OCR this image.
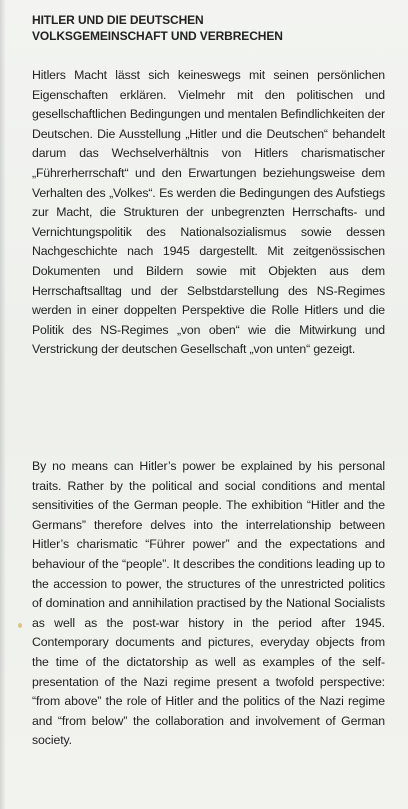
HITLER UND DIE DEUTSCHEN
VOLKSGEMEINSCHAFT UND VERBRECHEN

Hitlers Macht lässt sich keineswegs mit seinen persönlichen Eigenschaften erklären. Vielmehr mit den politischen und gesellschaftlichen Bedingungen und mentalen Befindlichkeiten der Deutschen. Die Ausstellung „Hitler und die Deutschen“ behandelt darum das Wechselverhältnis von Hitlers charismatischer „Führerherrschaft“ und den Erwartungen beziehungsweise dem Verhalten des „Volkes“. Es werden die Bedingungen des Aufstiegs zur Macht, die Strukturen der unbegrenzten Herrschafts- und Vernichtungspolitik des Nationalsozialismus sowie dessen Nachgeschichte nach 1945 dargestellt. Mit zeitgenössischen Dokumenten und Bildern sowie mit Objekten aus dem Herrschaftsalltag und der Selbstdarstellung des NS-Regimes werden in einer doppelten Perspektive die Rolle Hitlers und die Politik des NS-Regimes „von oben“ wie die Mitwirkung und Verstrickung der deutschen Gesellschaft „von unten“ gezeigt.

By no means can Hitler’s power be explained by his personal traits. Rather by the political and social conditions and mental sensitivities of the German people. The exhibition “Hitler and the Germans” therefore delves into the interrelationship between Hitler’s charismatic “Führer power” and the expectations and behaviour of the “people”. It describes the conditions leading up to the accession to power, the structures of the unrestricted politics of domination and annihilation practised by the National Socialists as well as the post-war history in the period after 1945. Contemporary documents and pictures, everyday objects from the time of the dictatorship as well as examples of the self-presentation of the Nazi regime present a twofold perspective: “from above” the role of Hitler and the politics of the Nazi regime and “from below” the collaboration and involvement of German society.
